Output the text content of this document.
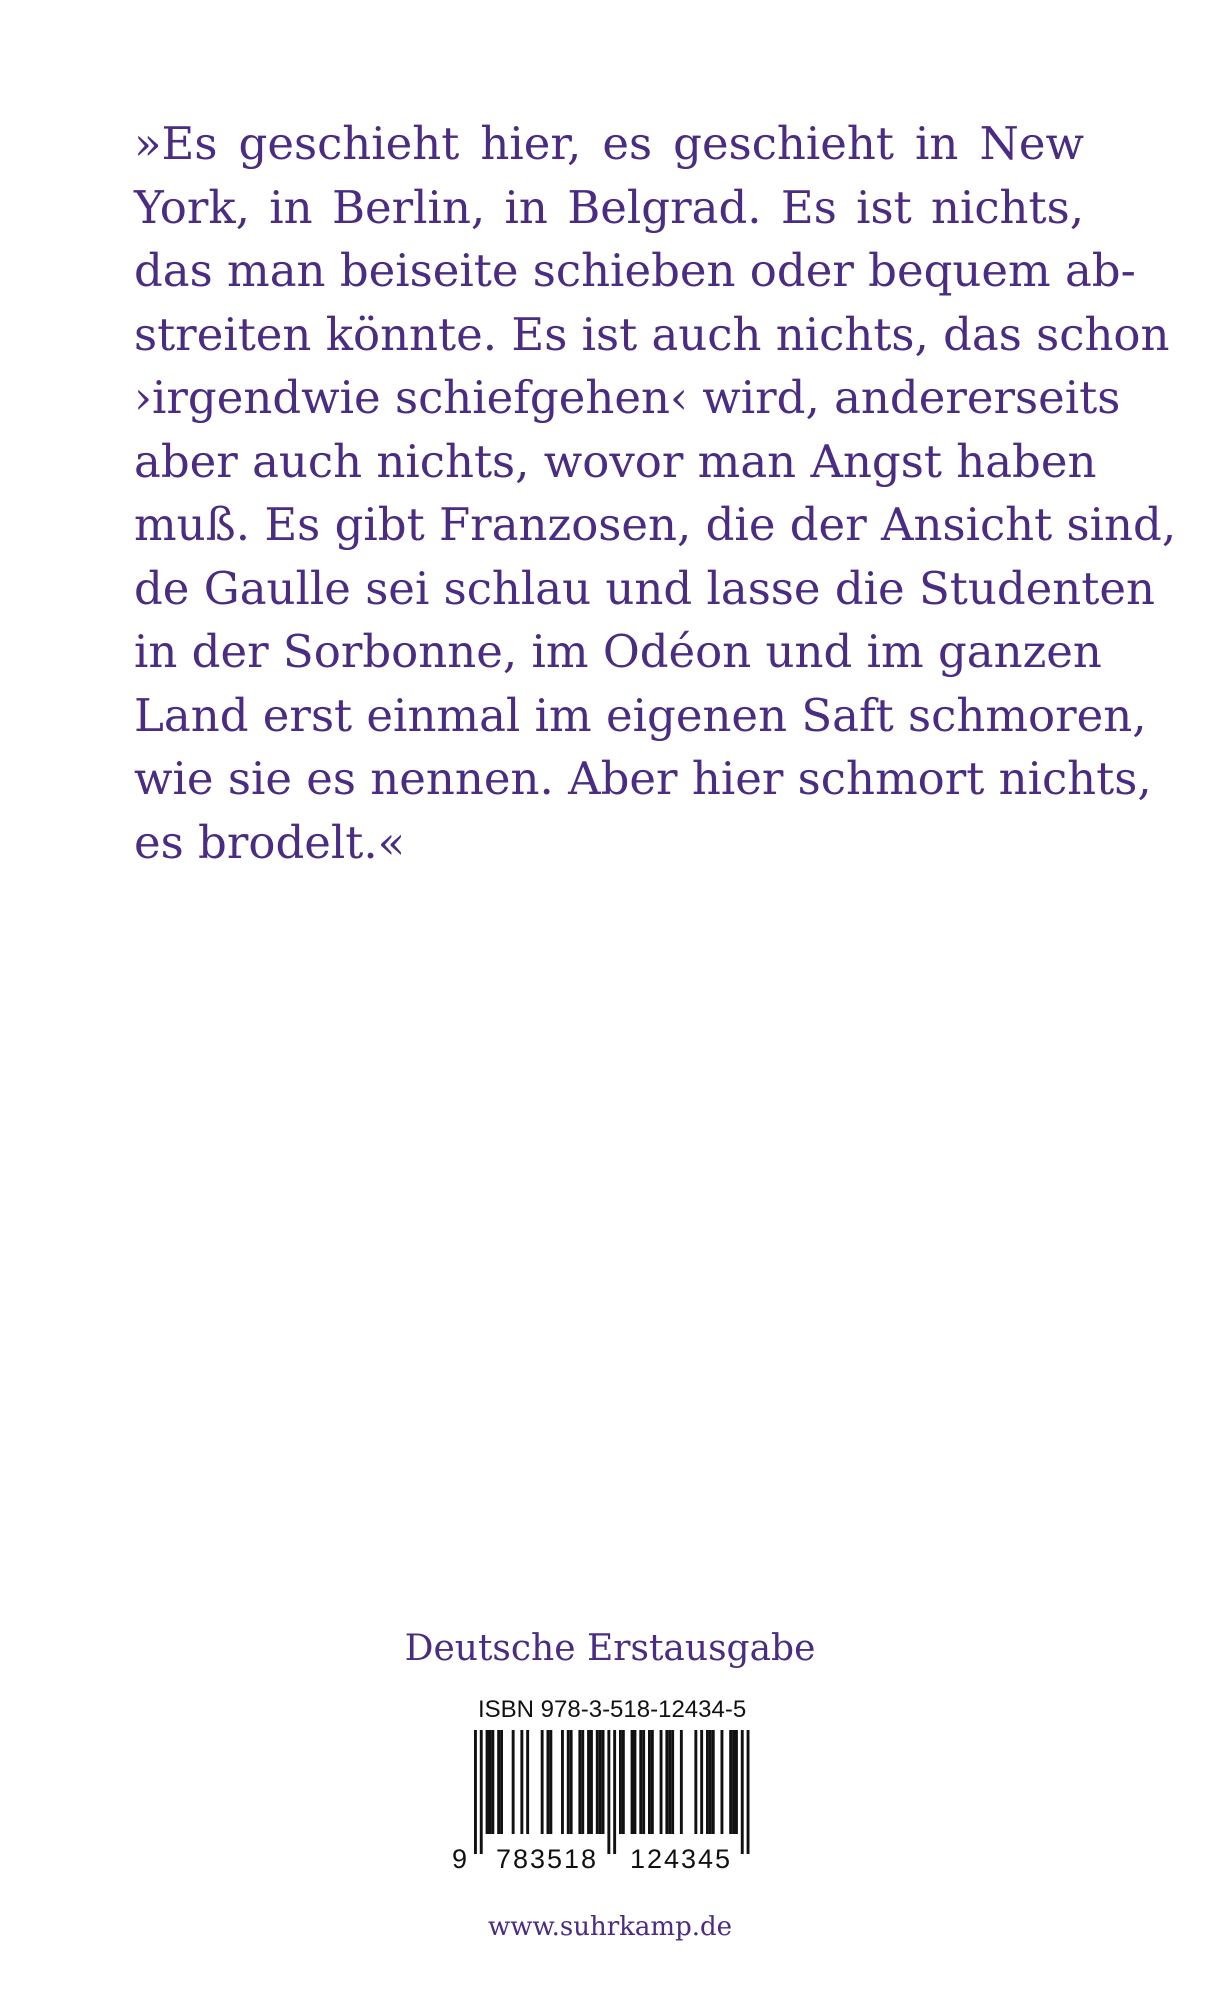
»Es geschieht hier, es geschieht in New
York, in Berlin, in Belgrad. Es ist nichts,
das man beiseite schieben oder bequem ab-
streiten könnte. Es ist auch nichts, das schon
›irgendwie schiefgehen‹ wird, andererseits
aber auch nichts, wovor man Angst haben
muß. Es gibt Franzosen, die der Ansicht sind,
de Gaulle sei schlau und lasse die Studenten
in der Sorbonne, im Odéon und im ganzen
Land erst einmal im eigenen Saft schmoren,
wie sie es nennen. Aber hier schmort nichts,
es brodelt.«
Deutsche Erstausgabe
ISBN 978-3-518-12434-5
9	783518	124345
www.suhrkamp.de
